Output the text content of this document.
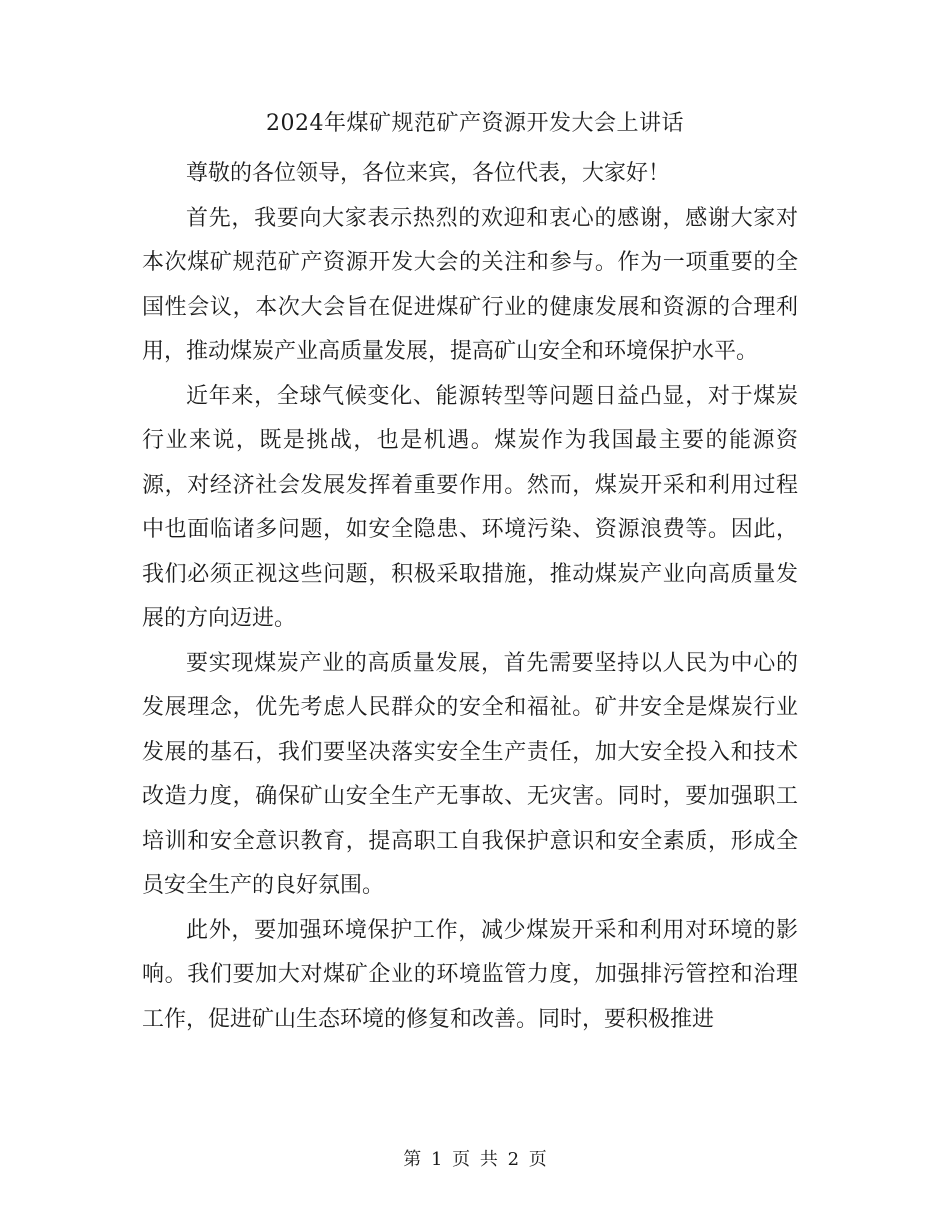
2024年煤矿规范矿产资源开发大会上讲话

尊敬的各位领导，各位来宾，各位代表，大家好！

首先，我要向大家表示热烈的欢迎和衷心的感谢，感谢大家对本次煤矿规范矿产资源开发大会的关注和参与。作为一项重要的全国性会议，本次大会旨在促进煤矿行业的健康发展和资源的合理利用，推动煤炭产业高质量发展，提高矿山安全和环境保护水平。

近年来，全球气候变化、能源转型等问题日益凸显，对于煤炭行业来说，既是挑战，也是机遇。煤炭作为我国最主要的能源资源，对经济社会发展发挥着重要作用。然而，煤炭开采和利用过程中也面临诸多问题，如安全隐患、环境污染、资源浪费等。因此，我们必须正视这些问题，积极采取措施，推动煤炭产业向高质量发展的方向迈进。

要实现煤炭产业的高质量发展，首先需要坚持以人民为中心的发展理念，优先考虑人民群众的安全和福祉。矿井安全是煤炭行业发展的基石，我们要坚决落实安全生产责任，加大安全投入和技术改造力度，确保矿山安全生产无事故、无灾害。同时，要加强职工培训和安全意识教育，提高职工自我保护意识和安全素质，形成全员安全生产的良好氛围。

此外，要加强环境保护工作，减少煤炭开采和利用对环境的影响。我们要加大对煤矿企业的环境监管力度，加强排污管控和治理工作，促进矿山生态环境的修复和改善。同时，要积极推进

第 1 页 共 2 页
